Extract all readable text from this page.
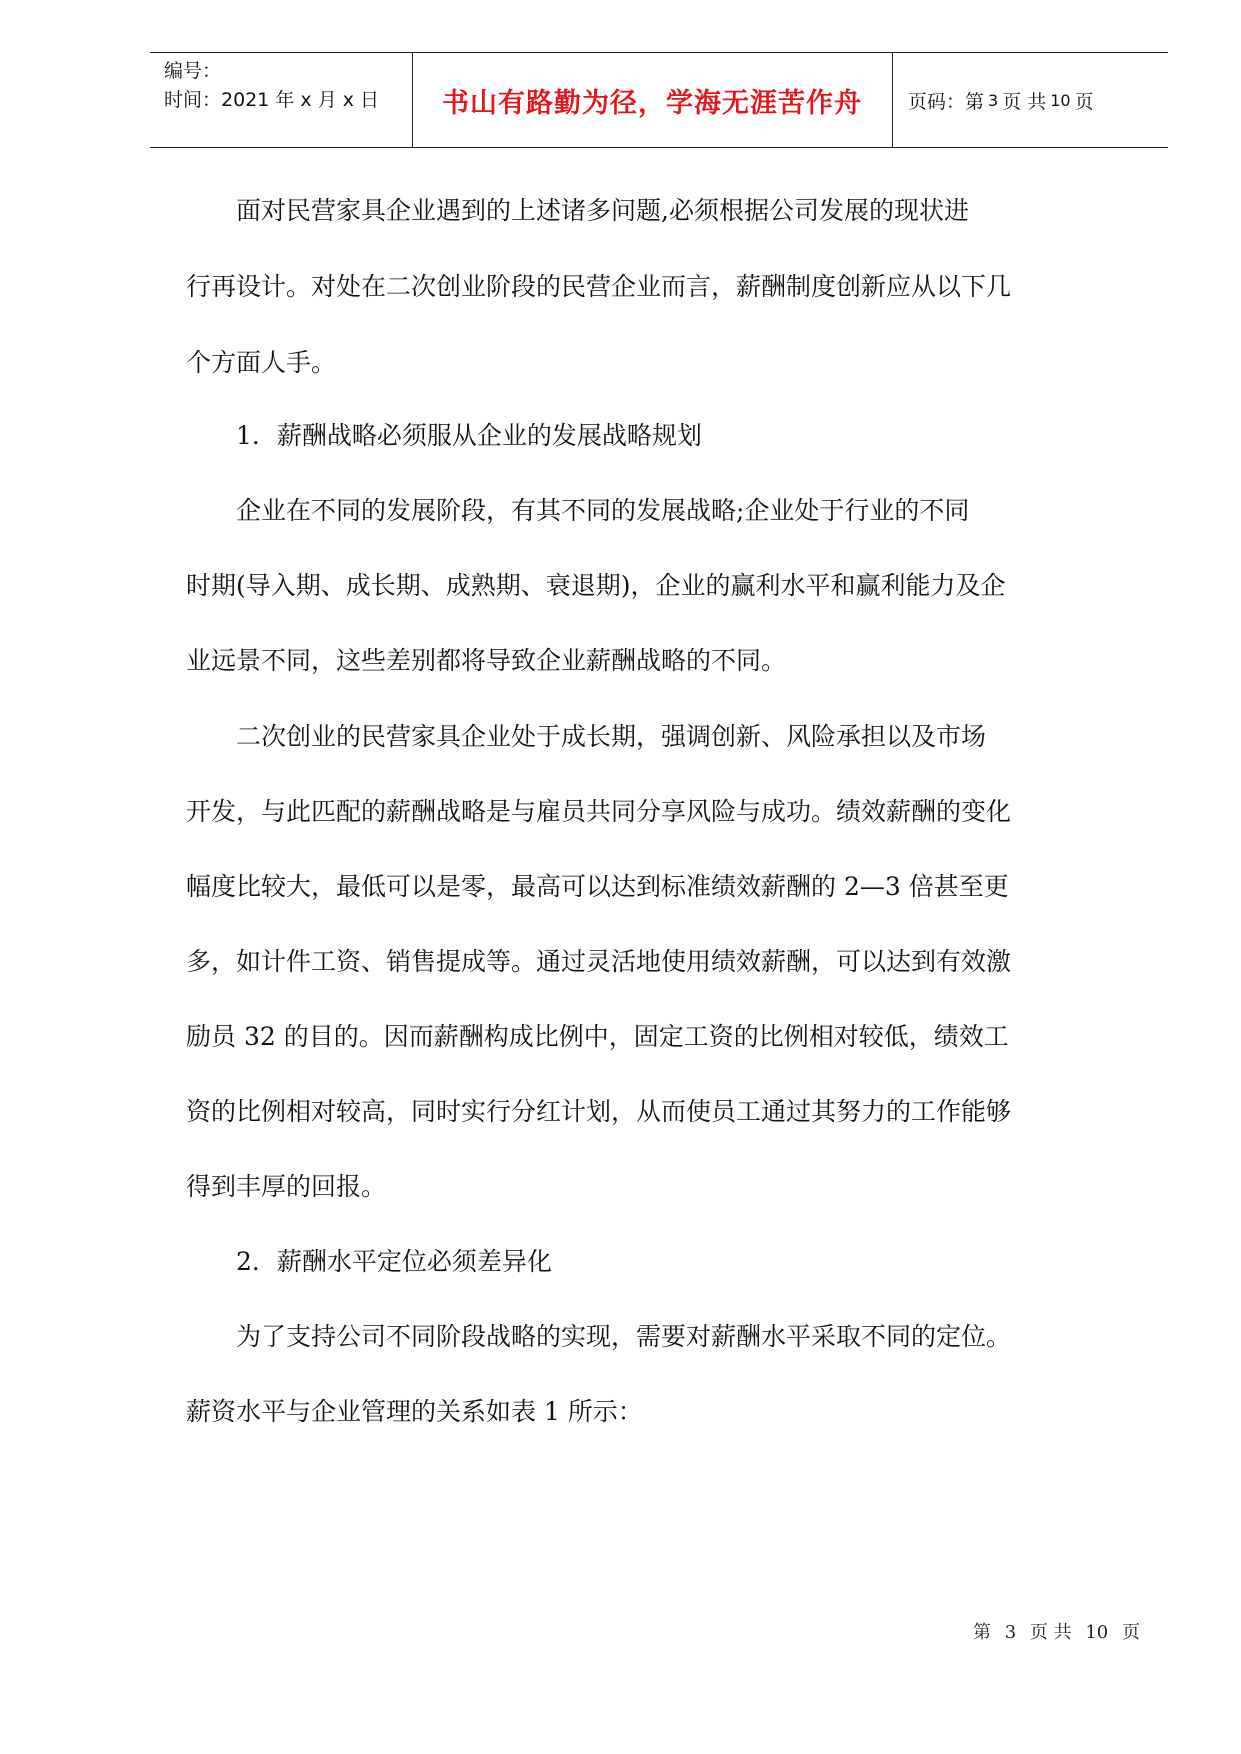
编号：
时间：2021 年 x 月 x 日	书山有路勤为径，学海无涯苦作舟	页码：第 3 页 共 10 页

　　面对民营家具企业遇到的上述诸多问题,必须根据公司发展的现状进

行再设计。对处在二次创业阶段的民营企业而言，薪酬制度创新应从以下几

个方面人手。

　　1．薪酬战略必须服从企业的发展战略规划

　　企业在不同的发展阶段，有其不同的发展战略;企业处于行业的不同

时期(导入期、成长期、成熟期、衰退期)，企业的赢利水平和赢利能力及企

业远景不同，这些差别都将导致企业薪酬战略的不同。

　　二次创业的民营家具企业处于成长期，强调创新、风险承担以及市场

开发，与此匹配的薪酬战略是与雇员共同分享风险与成功。绩效薪酬的变化

幅度比较大，最低可以是零，最高可以达到标准绩效薪酬的 2—3 倍甚至更

多，如计件工资、销售提成等。通过灵活地使用绩效薪酬，可以达到有效激

励员 32 的目的。因而薪酬构成比例中，固定工资的比例相对较低，绩效工

资的比例相对较高，同时实行分红计划，从而使员工通过其努力的工作能够

得到丰厚的回报。

　　2．薪酬水平定位必须差异化

　　为了支持公司不同阶段战略的实现，需要对薪酬水平采取不同的定位。

薪资水平与企业管理的关系如表 1 所示：

第 3 页 共 10 页
